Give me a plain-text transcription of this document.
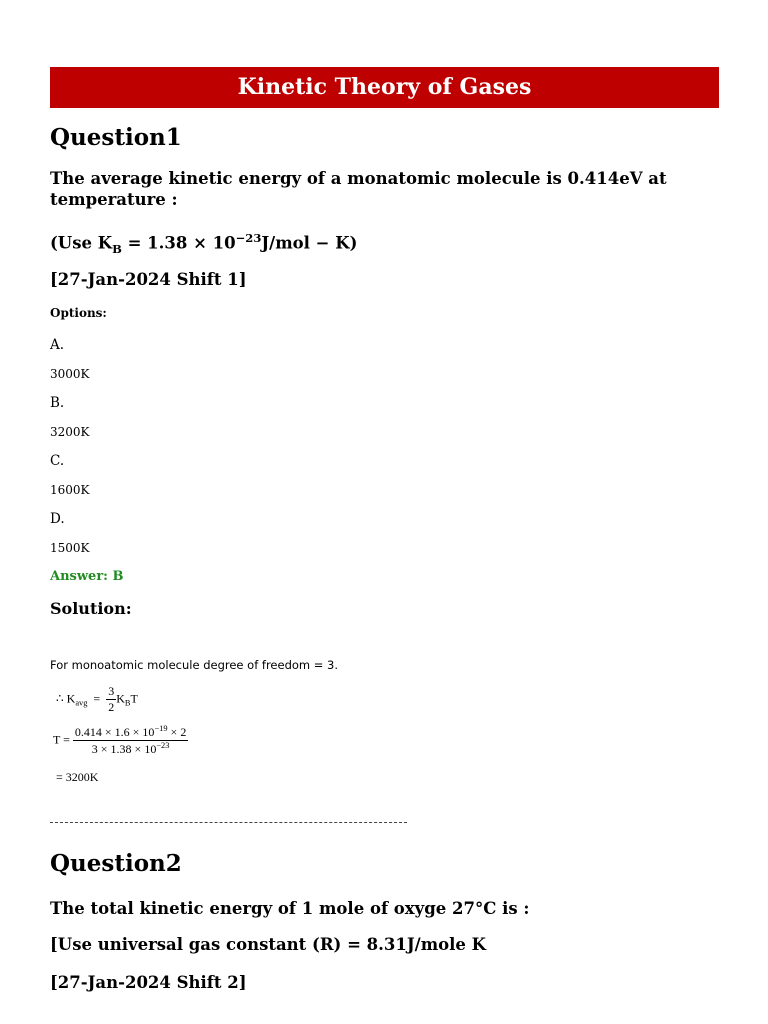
Kinetic Theory of Gases
Question1

The average kinetic energy of a monatomic molecule is 0.414eV at temperature :

(Use $K_B = 1.38 \times 10^{-23}J/mol - K$)

[27-Jan-2024 Shift 1]

Options:

A.

3000K

B.

3200K

C.

1600K

D.

1500K

Answer: B

Solution:

For monoatomic molecule degree of freedom = 3.
∴ $K_{avg} = \frac{3}{2} K_BT$
$T = \frac{0.414 \times 1.6 \times 10^{-19} \times 2}{3 \times 1.38 \times 10^{-23}}$
= 3200K
Question2

The total kinetic energy of 1 mole of oxyge 27°C is :

[Use universal gas constant (R) = 8.31J/mole K

[27-Jan-2024 Shift 2]
